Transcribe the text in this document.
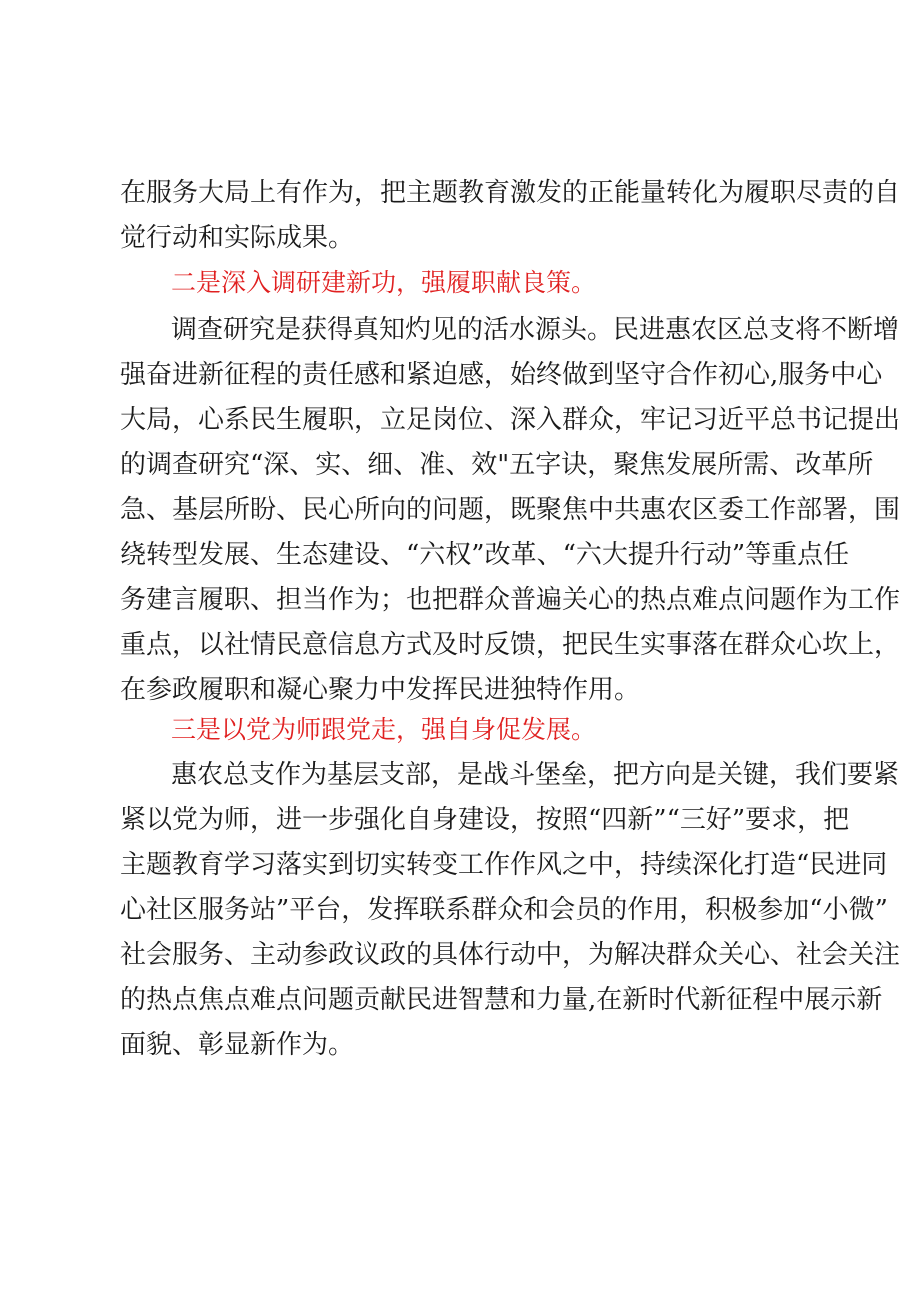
在服务大局上有作为，把主题教育激发的正能量转化为履职尽责的自
觉行动和实际成果。
二是深入调研建新功，强履职献良策。
调查研究是获得真知灼见的活水源头。民进惠农区总支将不断增
强奋进新征程的责任感和紧迫感，始终做到坚守合作初心,服务中心
大局，心系民生履职，立足岗位、深入群众，牢记习近平总书记提出
的调查研究“深、实、细、准、效"五字诀，聚焦发展所需、改革所
急、基层所盼、民心所向的问题，既聚焦中共惠农区委工作部署，围
绕转型发展、生态建设、“六权”改革、“六大提升行动”等重点任
务建言履职、担当作为；也把群众普遍关心的热点难点问题作为工作
重点，以社情民意信息方式及时反馈，把民生实事落在群众心坎上，
在参政履职和凝心聚力中发挥民进独特作用。
三是以党为师跟党走，强自身促发展。
惠农总支作为基层支部，是战斗堡垒，把方向是关键，我们要紧
紧以党为师，进一步强化自身建设，按照“四新”“三好”要求，把
主题教育学习落实到切实转变工作作风之中，持续深化打造“民进同
心社区服务站”平台，发挥联系群众和会员的作用，积极参加“小微”
社会服务、主动参政议政的具体行动中，为解决群众关心、社会关注
的热点焦点难点问题贡献民进智慧和力量,在新时代新征程中展示新
面貌、彰显新作为。
